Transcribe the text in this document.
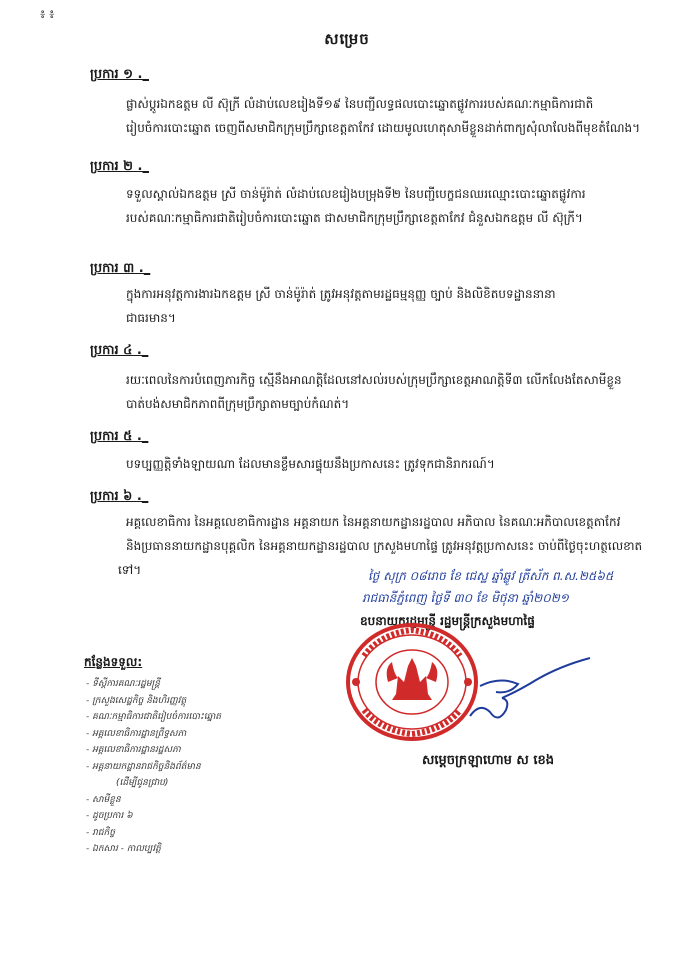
៖ ៖
សម្រេច
ប្រការ ១ ._
ផ្លាស់ប្ដូរឯកឧត្តម លី ស៊ុក្រី លំដាប់លេខរៀងទី១៩ នៃបញ្ជីលទ្ធផលបោះឆ្នោតផ្លូវការរបស់គណៈកម្មាធិការជាតិ
រៀបចំការបោះឆ្នោត ចេញពីសមាជិកក្រុមប្រឹក្សាខេត្តតាកែវ ដោយមូលហេតុសាមីខ្លួនដាក់ពាក្យសុំលាលែងពីមុខតំណែង។
ប្រការ ២ ._
ទទួលស្គាល់ឯកឧត្តម ស្រី ចាន់ម៉ូរ៉ាត់ លំដាប់លេខរៀងបម្រុងទី២ នៃបញ្ជីបេក្ខជនឈរឈ្មោះបោះឆ្នោតផ្លូវការ
របស់គណៈកម្មាធិការជាតិរៀបចំការបោះឆ្នោត ជាសមាជិកក្រុមប្រឹក្សាខេត្តតាកែវ ជំនួសឯកឧត្តម លី ស៊ុក្រី។
ប្រការ ៣ ._
ក្នុងការអនុវត្តការងារឯកឧត្តម ស្រី ចាន់ម៉ូរ៉ាត់ ត្រូវអនុវត្តតាមរដ្ឋធម្មនុញ្ញ ច្បាប់ និងលិខិតបទដ្ឋាននានា
ជាធរមាន។
ប្រការ ៤ ._
រយៈពេលនៃការបំពេញភារកិច្ច ស្មើនឹងអាណត្តិដែលនៅសល់របស់ក្រុមប្រឹក្សាខេត្តអាណត្តិទី៣ លើកលែងតែសាមីខ្លួន
បាត់បង់សមាជិកភាពពីក្រុមប្រឹក្សាតាមច្បាប់កំណត់។
ប្រការ ៥ ._
បទប្បញ្ញត្តិទាំងឡាយណា ដែលមានខ្លឹមសារផ្ទុយនឹងប្រកាសនេះ ត្រូវទុកជានិរាករណ៍។
ប្រការ ៦ ._
អគ្គលេខាធិការ នៃអគ្គលេខាធិការដ្ឋាន អគ្គនាយក នៃអគ្គនាយកដ្ឋានរដ្ឋបាល អភិបាល នៃគណៈអភិបាលខេត្តតាកែវ
និងប្រធាននាយកដ្ឋានបុគ្គលិក នៃអគ្គនាយកដ្ឋានរដ្ឋបាល ក្រសួងមហាផ្ទៃ ត្រូវអនុវត្តប្រកាសនេះ ចាប់ពីថ្ងៃចុះហត្ថលេខាតទៅ។	ថ្ងៃ សុក្រ ០៨រោច ខែ ជេស្ឋ ឆ្នាំឆ្លូវ ត្រីស័ក ព.ស.២៥៦៥
រាជធានីភ្នំពេញ ថ្ងៃទី ៣០ ខែ មិថុនា ឆ្នាំ២០២១
ឧបនាយករដ្ឋមន្ត្រី រដ្ឋមន្ត្រីក្រសួងមហាផ្ទៃ
សម្ដេចក្រឡាហោម ស ខេង
កន្លែងទទួល:
- ទីស្ដីការគណៈរដ្ឋមន្ត្រី
- ក្រសួងសេដ្ឋកិច្ច និងហិរញ្ញវត្ថុ
- គណៈកម្មាធិការជាតិរៀបចំការបោះឆ្នោត
- អគ្គលេខាធិការដ្ឋានព្រឹទ្ធសភា
- អគ្គលេខាធិការដ្ឋានរដ្ឋសភា
- អគ្គនាយកដ្ឋានរាជកិច្ចនិងព័ត៌មាន
(ដើម្បីជូនជ្រាប)
- សាមីខ្លួន
- ដូចប្រការ ៦
- រាជកិច្ច
- ឯកសារ - កាលប្បវត្តិ
